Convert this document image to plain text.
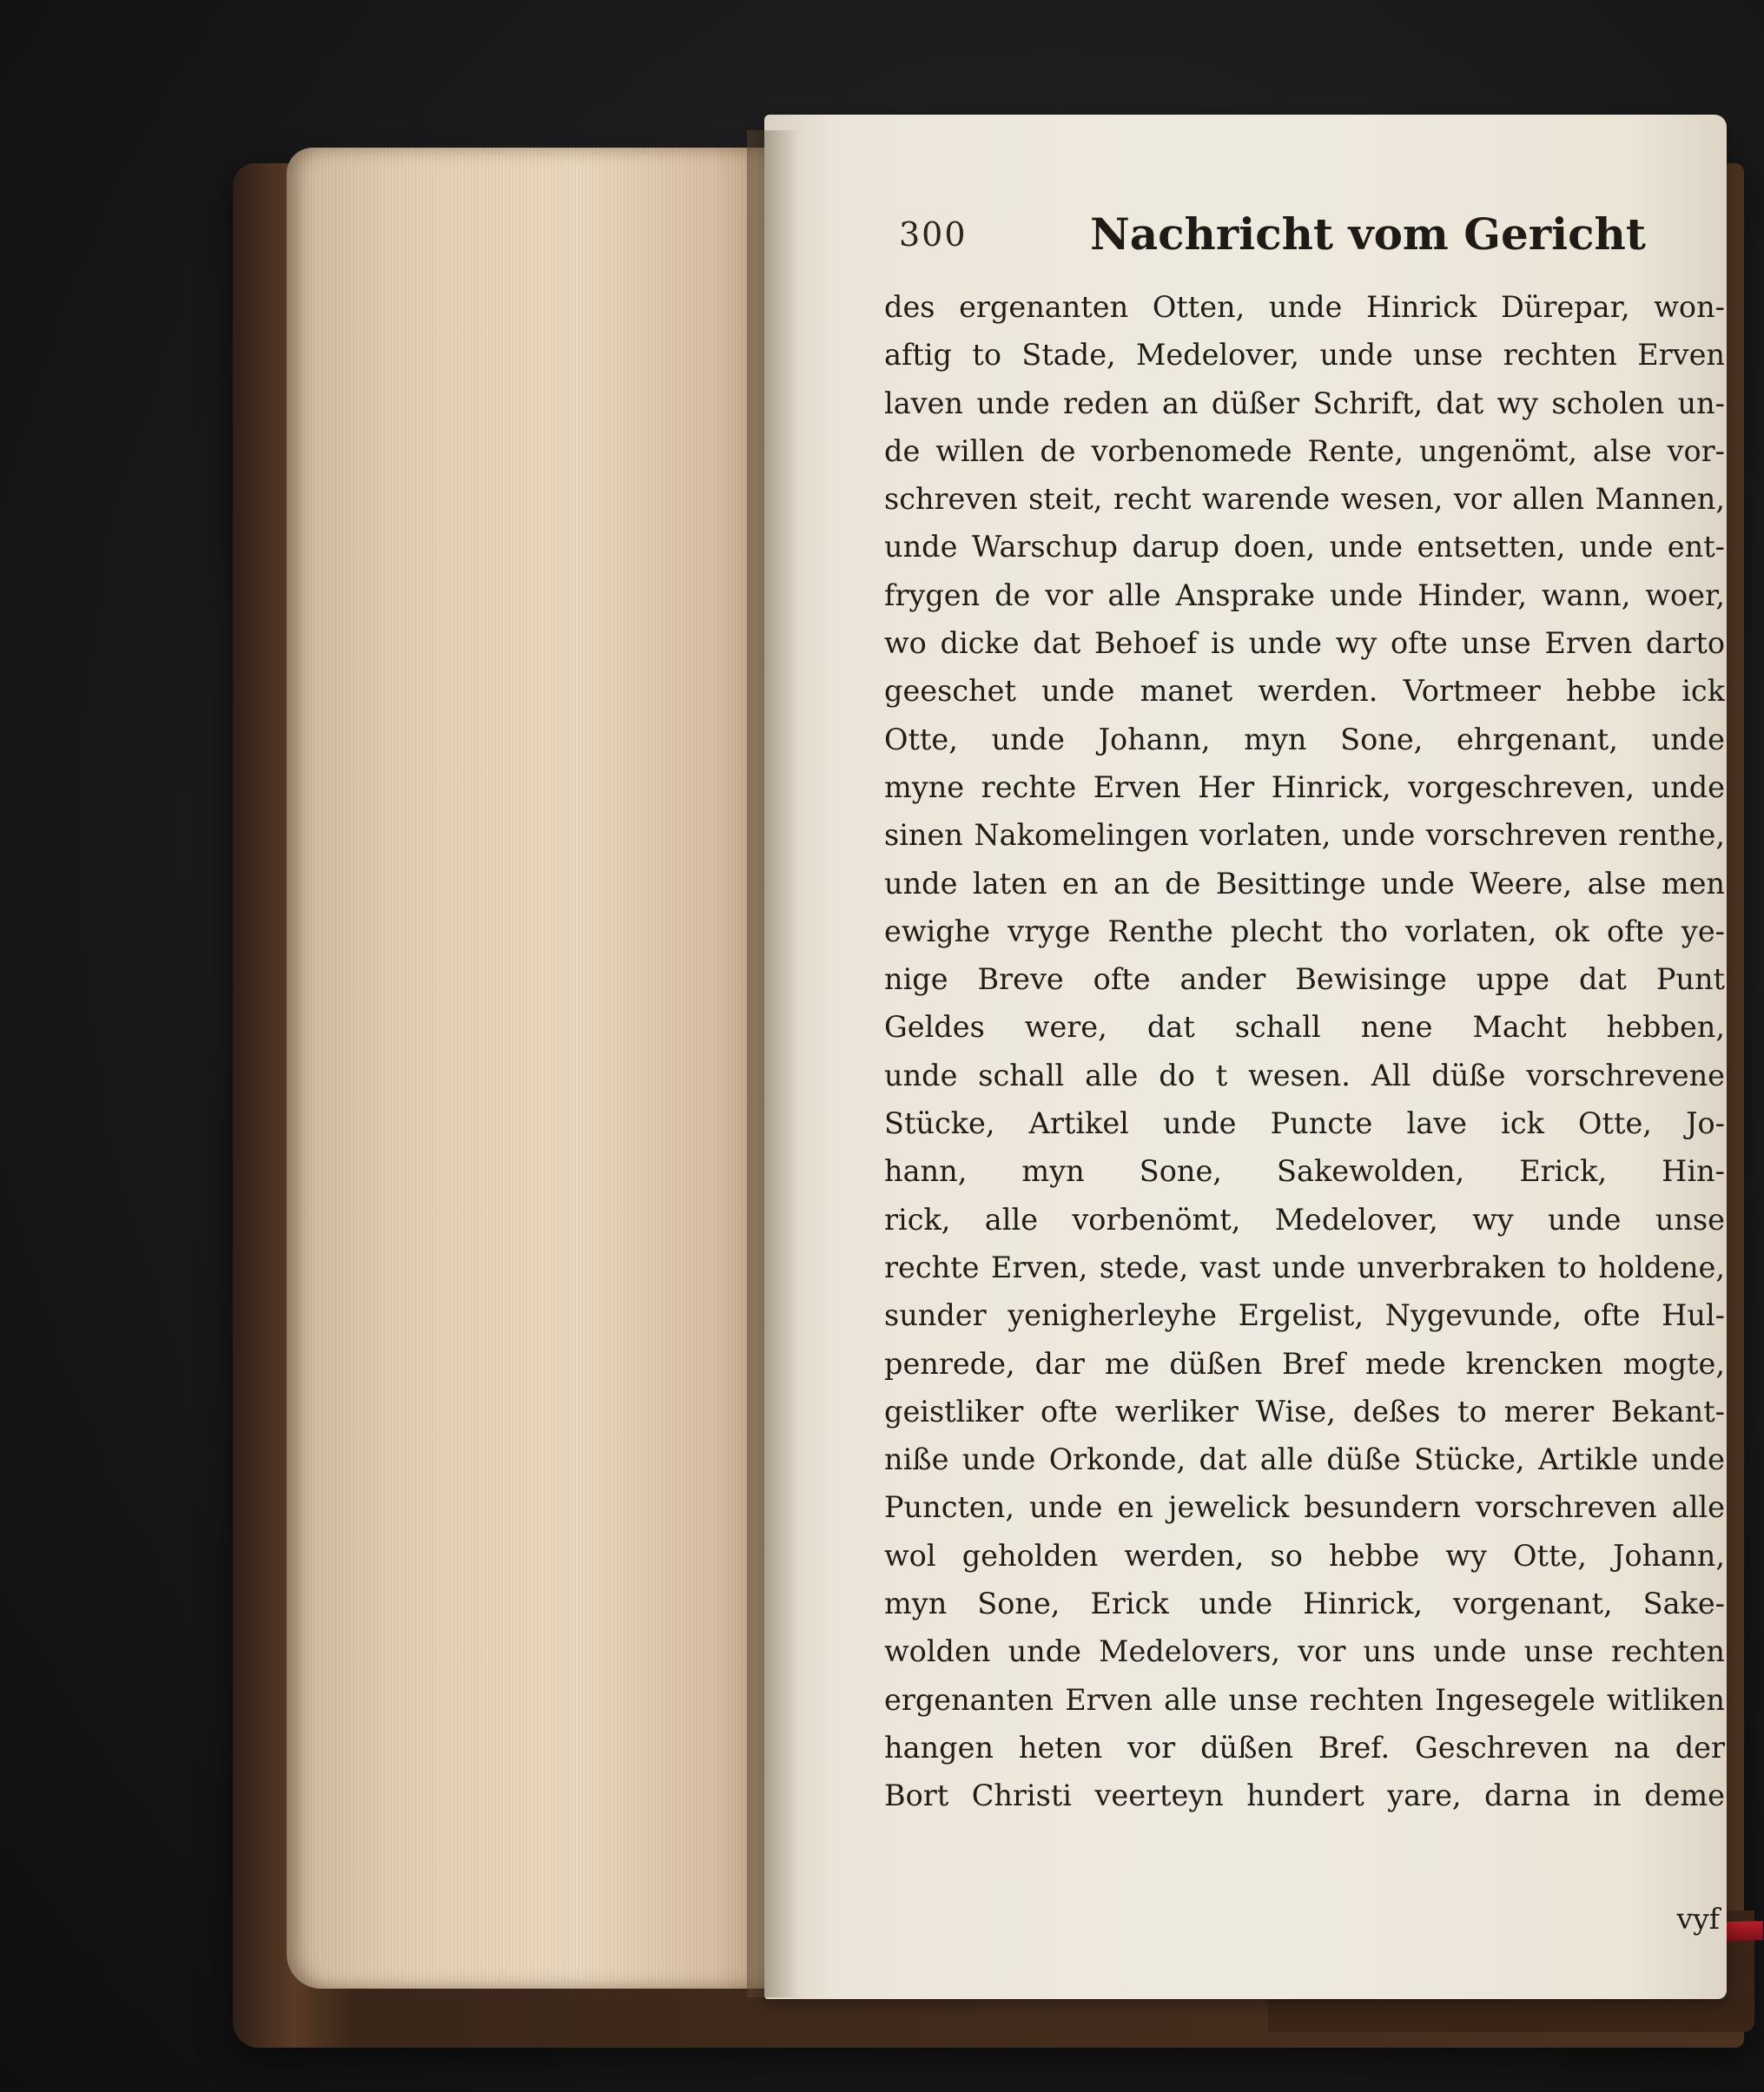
300	Nachricht vom Gericht
des ergenanten Otten, unde Hinrick Dürepar, won-
aftig to Stade, Medelover, unde unse rechten Erven
laven unde reden an düßer Schrift, dat wy scholen un-
de willen de vorbenomede Rente, ungenömt, alse vor-
schreven steit, recht warende wesen, vor allen Mannen,
unde Warschup darup doen, unde entsetten, unde ent-
frygen de vor alle Ansprake unde Hinder, wann, woer,
wo dicke dat Behoef is unde wy ofte unse Erven darto
geeschet unde manet werden. Vortmeer hebbe ick
Otte, unde Johann, myn Sone, ehrgenant, unde
myne rechte Erven Her Hinrick, vorgeschreven, unde
sinen Nakomelingen vorlaten, unde vorschreven renthe,
unde laten en an de Besittinge unde Weere, alse men
ewighe vryge Renthe plecht tho vorlaten, ok ofte ye-
nige Breve ofte ander Bewisinge uppe dat Punt
Geldes were, dat schall nene Macht hebben,
unde schall alle do t wesen. All düße vorschrevene
Stücke, Artikel unde Puncte lave ick Otte, Jo-
hann, myn Sone, Sakewolden, Erick, Hin-
rick, alle vorbenömt, Medelover, wy unde unse
rechte Erven, stede, vast unde unverbraken to holdene,
sunder yenigherleyhe Ergelist, Nygevunde, ofte Hul-
penrede, dar me düßen Bref mede krencken mogte,
geistliker ofte werliker Wise, deßes to merer Bekant-
niße unde Orkonde, dat alle düße Stücke, Artikle unde
Puncten, unde en jewelick besundern vorschreven alle
wol geholden werden, so hebbe wy Otte, Johann,
myn Sone, Erick unde Hinrick, vorgenant, Sake-
wolden unde Medelovers, vor uns unde unse rechten
ergenanten Erven alle unse rechten Ingesegele witliken
hangen heten vor düßen Bref. Geschreven na der
Bort Christi veerteyn hundert yare, darna in deme
vyf
